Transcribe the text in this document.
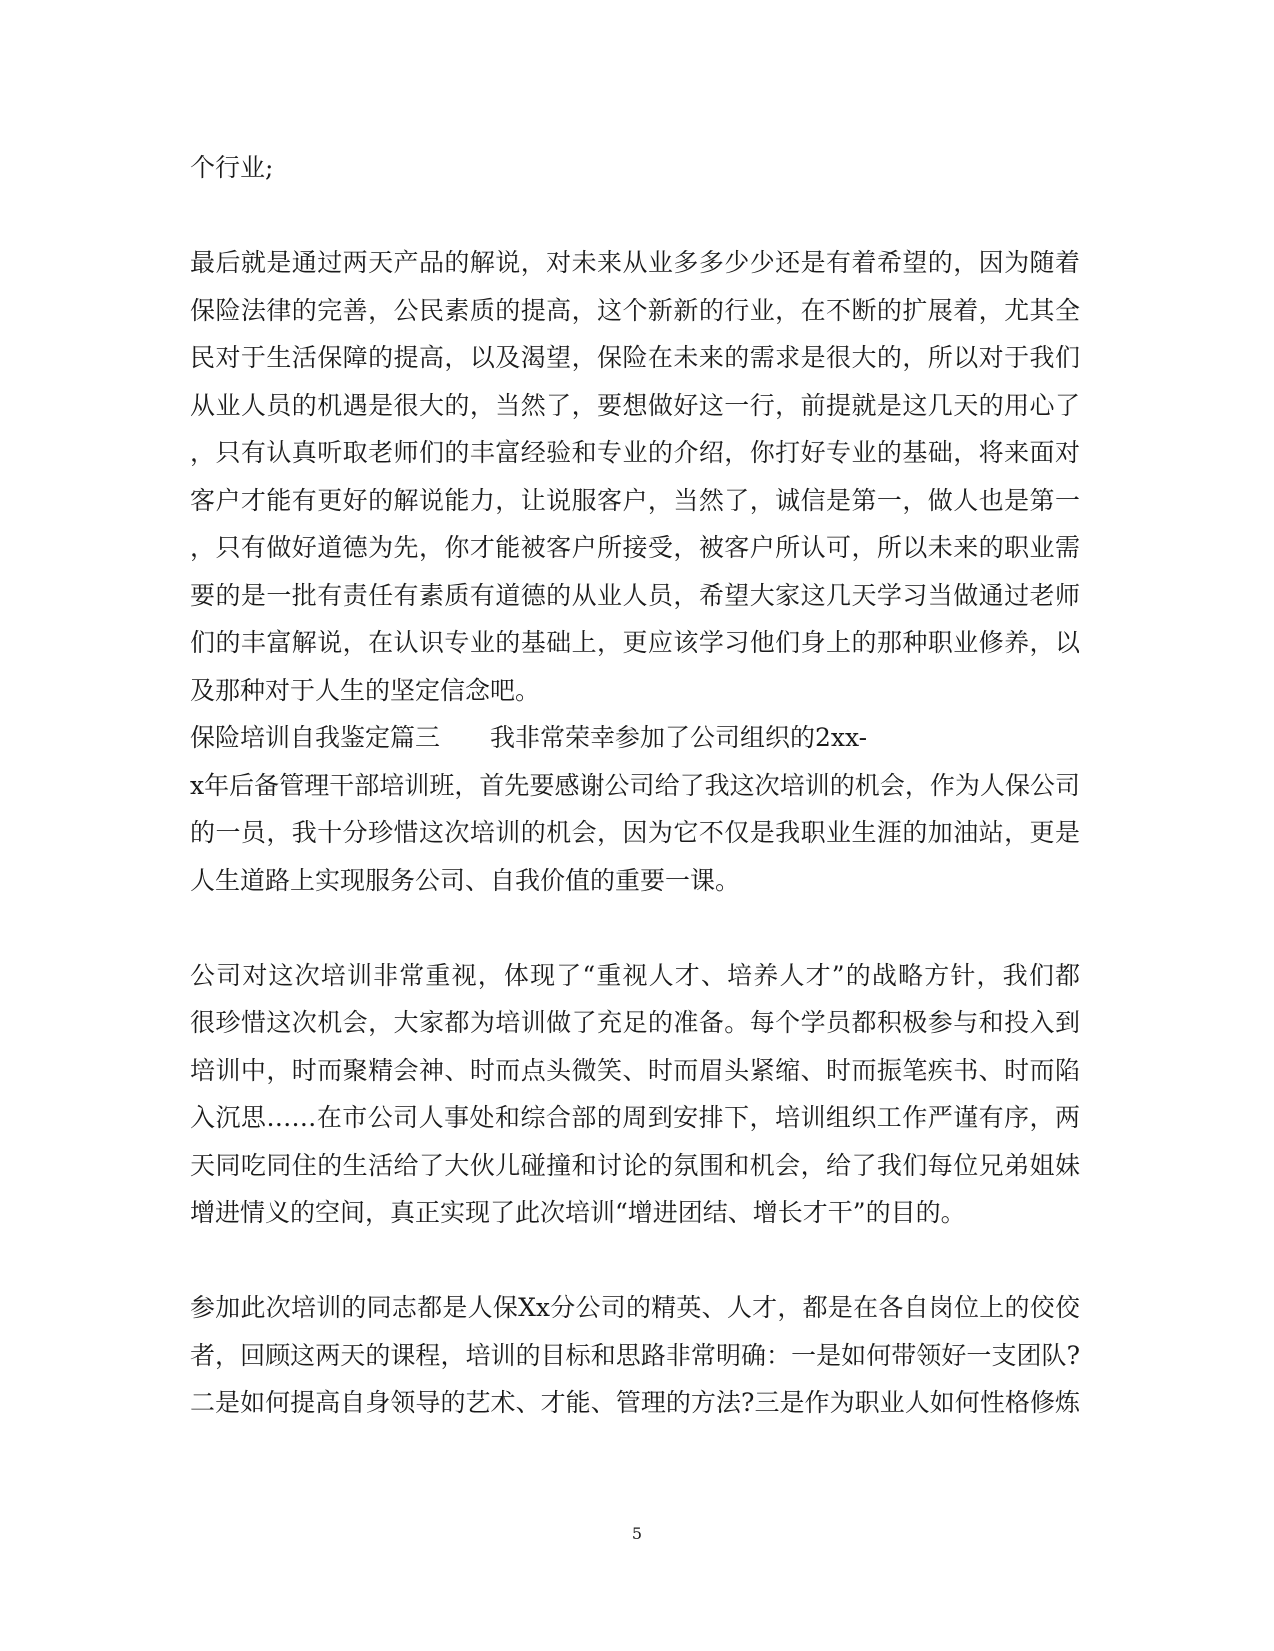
个行业;
最后就是通过两天产品的解说，对未来从业多多少少还是有着希望的，因为随着
保险法律的完善，公民素质的提高，这个新新的行业，在不断的扩展着，尤其全
民对于生活保障的提高，以及渴望，保险在未来的需求是很大的，所以对于我们
从业人员的机遇是很大的，当然了，要想做好这一行，前提就是这几天的用心了
，只有认真听取老师们的丰富经验和专业的介绍，你打好专业的基础，将来面对
客户才能有更好的解说能力，让说服客户，当然了，诚信是第一，做人也是第一
，只有做好道德为先，你才能被客户所接受，被客户所认可，所以未来的职业需
要的是一批有责任有素质有道德的从业人员，希望大家这几天学习当做通过老师
们的丰富解说，在认识专业的基础上，更应该学习他们身上的那种职业修养，以
及那种对于人生的坚定信念吧。
保险培训自我鉴定篇三　　我非常荣幸参加了公司组织的2xx-
x年后备管理干部培训班，首先要感谢公司给了我这次培训的机会，作为人保公司
的一员，我十分珍惜这次培训的机会，因为它不仅是我职业生涯的加油站，更是
人生道路上实现服务公司、自我价值的重要一课。
公司对这次培训非常重视，体现了“重视人才、培养人才”的战略方针，我们都
很珍惜这次机会，大家都为培训做了充足的准备。每个学员都积极参与和投入到
培训中，时而聚精会神、时而点头微笑、时而眉头紧缩、时而振笔疾书、时而陷
入沉思……在市公司人事处和综合部的周到安排下，培训组织工作严谨有序，两
天同吃同住的生活给了大伙儿碰撞和讨论的氛围和机会，给了我们每位兄弟姐妹
增进情义的空间，真正实现了此次培训“增进团结、增长才干”的目的。
参加此次培训的同志都是人保Xx分公司的精英、人才，都是在各自岗位上的佼佼
者，回顾这两天的课程，培训的目标和思路非常明确：一是如何带领好一支团队?
二是如何提高自身领导的艺术、才能、管理的方法?三是作为职业人如何性格修炼
5
